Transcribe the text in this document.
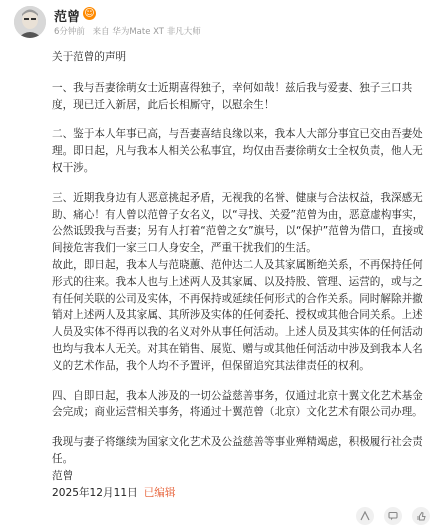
范曾 ☺
6分钟前 来自 华为Mate XT 非凡大师

关于范曾的声明

一、我与吾妻徐萌女士近期喜得独子，幸何如哉！兹后我与爱妻、独子三口共度，现已迁入新居，此后长相厮守，以慰余生！

二、鉴于本人年事已高，与吾妻喜结良缘以来，我本人大部分事宜已交由吾妻处理。即日起，凡与我本人相关公私事宜，均仅由吾妻徐萌女士全权负责，他人无权干涉。

三、近期我身边有人恶意挑起矛盾，无视我的名誉、健康与合法权益，我深感无助、痛心！有人曾以范曾子女名义，以“寻找、关爱”范曾为由，恶意虚构事实，公然诋毁我与吾妻；另有人打着“范曾之女”旗号，以“保护”范曾为借口，直接或间接危害我们一家三口人身安全，严重干扰我们的生活。

故此，即日起，我本人与范晓蕙、范仲达二人及其家属断绝关系，不再保持任何形式的往来。我本人也与上述两人及其家属、以及持股、管理、运营的，或与之有任何关联的公司及实体，不再保持或延续任何形式的合作关系。同时解除并撤销对上述两人及其家属、其所涉及实体的任何委托、授权或其他合同关系。上述人员及实体不得再以我的名义对外从事任何活动。上述人员及其实体的任何活动也均与我本人无关。对其在销售、展览、赠与或其他任何活动中涉及到我本人名义的艺术作品，我个人均不予置评，但保留追究其法律责任的权利。

四、自即日起，我本人涉及的一切公益慈善事务，仅通过北京十翼文化艺术基金会完成；商业运营相关事务，将通过十翼范曾（北京）文化艺术有限公司办理。

我现与妻子将继续为国家文化艺术及公益慈善等事业殚精竭虑，积极履行社会责任。

范曾

2025年12月11日 已编辑
